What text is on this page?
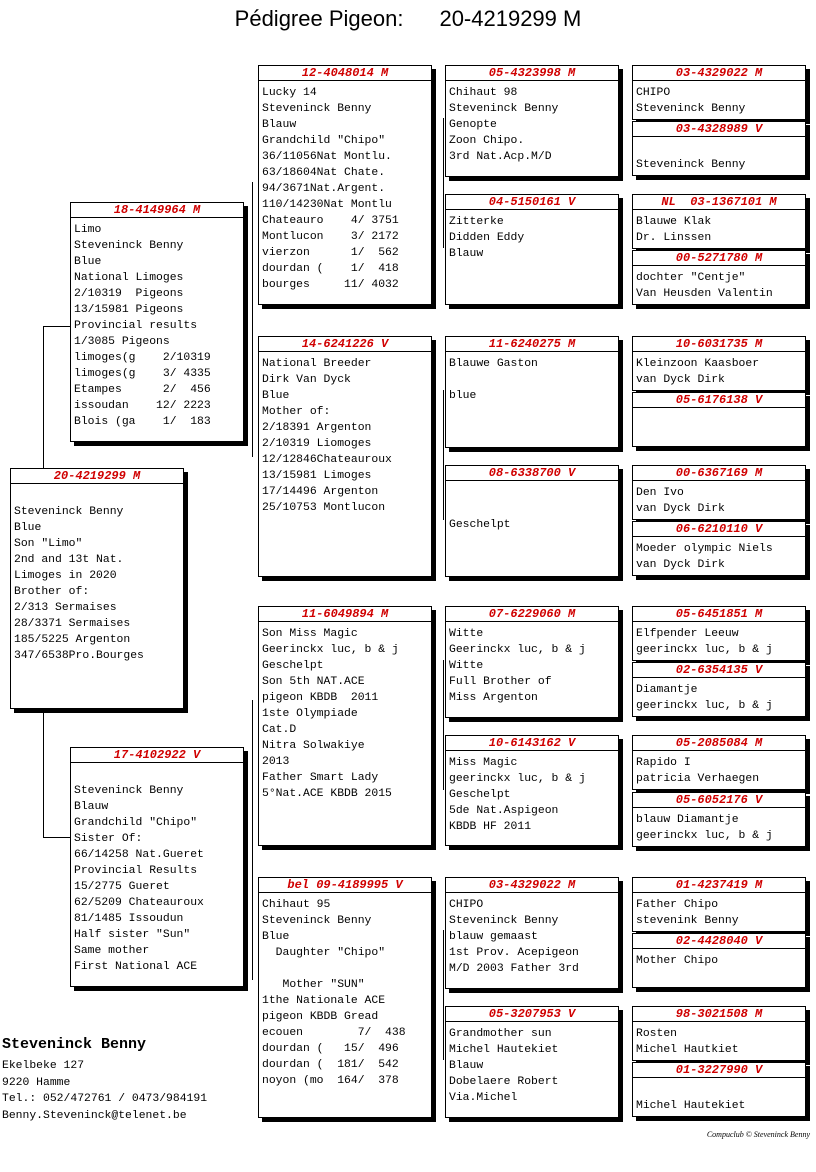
Pédigree Pigeon: 20-4219299 M
20-4219299 M

Steveninck Benny
Blue
Son "Limo"
2nd and 13t Nat.
Limoges in 2020
Brother of:
2/313 Sermaises
28/3371 Sermaises
185/5225 Argenton
347/6538Pro.Bourges
18-4149964 M
Limo
Steveninck Benny
Blue
National Limoges
2/10319  Pigeons
13/15981 Pigeons
Provincial results
1/3085 Pigeons
limoges(g    2/10319
limoges(g    3/ 4335
Etampes      2/  456
issoudan    12/ 2223
Blois (ga    1/  183
17-4102922 V

Steveninck Benny
Blauw
Grandchild "Chipo"
Sister Of:
66/14258 Nat.Gueret
Provincial Results
15/2775 Gueret
62/5209 Chateauroux
81/1485 Issoudun
Half sister "Sun"
Same mother
First National ACE
12-4048014 M
Lucky 14
Steveninck Benny
Blauw
Grandchild "Chipo"
36/11056Nat Montlu.
63/18604Nat Chate.
94/3671Nat.Argent.
110/14230Nat Montlu
Chateauro    4/ 3751
Montlucon    3/ 2172
vierzon      1/  562
dourdan (    1/  418
bourges     11/ 4032
14-6241226 V
National Breeder
Dirk Van Dyck
Blue
Mother of:
2/18391 Argenton
2/10319 Liomoges
12/12846Chateauroux
13/15981 Limoges
17/14496 Argenton
25/10753 Montlucon
11-6049894 M
Son Miss Magic
Geerinckx luc, b & j
Geschelpt
Son 5th NAT.ACE
pigeon KBDB  2011
1ste Olympiade
Cat.D
Nitra Solwakiye
2013
Father Smart Lady
5°Nat.ACE KBDB 2015
bel 09-4189995 V
Chihaut 95
Steveninck Benny
Blue
Daughter "Chipo"

Mother "SUN"
1the Nationale ACE
pigeon KBDB Gread
ecouen        7/  438
dourdan (   15/  496
dourdan (  181/  542
noyon (mo  164/  378
05-4323998 M
Chihaut 98
Steveninck Benny
Genopte
Zoon Chipo.
3rd Nat.Acp.M/D
04-5150161 V
Zitterke
Didden Eddy
Blauw
11-6240275 M
Blauwe Gaston

blue
08-6338700 V

Geschelpt
07-6229060 M
Witte
Geerinckx luc, b & j
Witte
Full Brother of
Miss Argenton
10-6143162 V
Miss Magic
geerinckx luc, b & j
Geschelpt
5de Nat.Aspigeon
KBDB HF 2011
03-4329022 M
CHIPO
Steveninck Benny
blauw gemaast
1st Prov. Acepigeon
M/D 2003 Father 3rd
05-3207953 V
Grandmother sun
Michel Hautekiet
Blauw
Dobelaere Robert
Via.Michel
03-4329022 M
CHIPO
Steveninck Benny
03-4328989 V

Steveninck Benny
NL  03-1367101 M
Blauwe Klak
Dr. Linssen
00-5271780 M
dochter "Centje"
Van Heusden Valentin
10-6031735 M
Kleinzoon Kaasboer
van Dyck Dirk
05-6176138 V

00-6367169 M
Den Ivo
van Dyck Dirk
06-6210110 V
Moeder olympic Niels
van Dyck Dirk
05-6451851 M
Elfpender Leeuw
geerinckx luc, b & j
02-6354135 V
Diamantje
geerinckx luc, b & j
05-2085084 M
Rapido I
patricia Verhaegen
05-6052176 V
blauw Diamantje
geerinckx luc, b & j
01-4237419 M
Father Chipo
stevenink Benny
02-4428040 V
Mother Chipo
98-3021508 M
Rosten
Michel Hautkiet
01-3227990 V

Michel Hautekiet
Steveninck Benny
Ekelbeke 127
9220 Hamme
Tel.: 052/472761 / 0473/984191
Benny.Steveninck@telenet.be
Compuclub © Steveninck Benny
